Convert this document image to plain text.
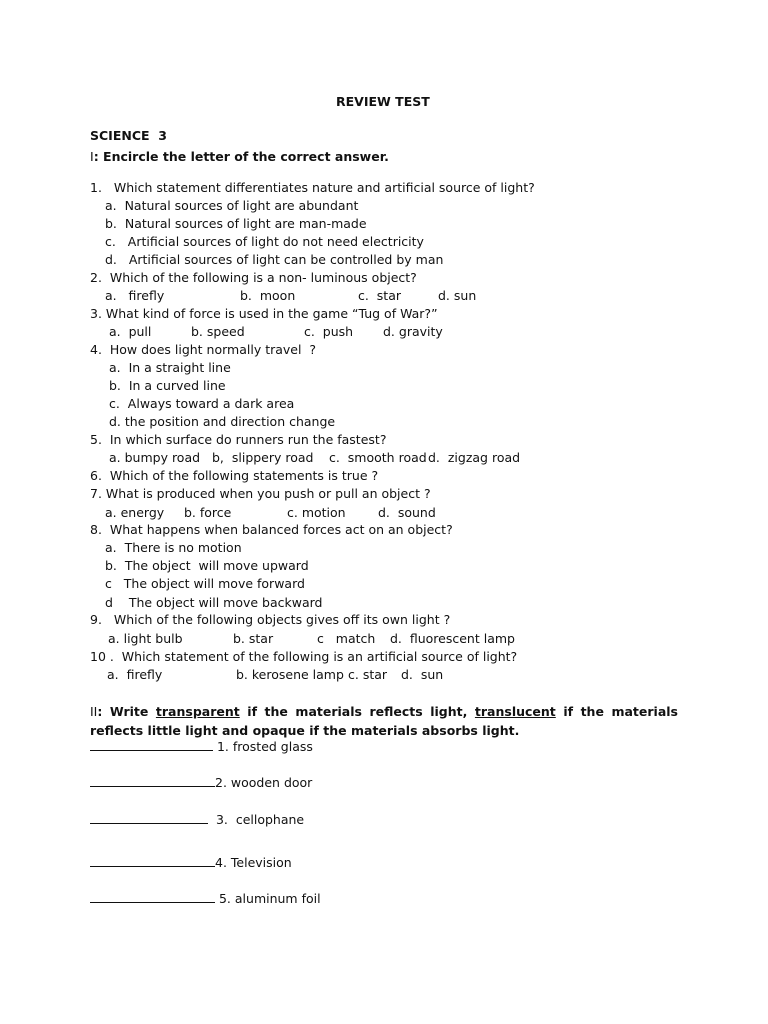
REVIEW TEST
SCIENCE  3
I: Encircle the letter of the correct answer.
1.   Which statement differentiates nature and artificial source of light?
a.  Natural sources of light are abundant
b.  Natural sources of light are man-made
c.   Artificial sources of light do not need electricity
d.   Artificial sources of light can be controlled by man
2.  Which of the following is a non- luminous object?
a.   firefly	b.  moon	c.  star	d. sun
3. What kind of force is used in the game “Tug of War?”
a.  pull	b. speed	c.  push d. gravity
4.  How does light normally travel  ?
a.  In a straight line
b.  In a curved line
c.  Always toward a dark area
d. the position and direction change
5.  In which surface do runners run the fastest?
a. bumpy road b,  slippery road c.  smooth road d.  zigzag road
6.  Which of the following statements is true ?
7. What is produced when you push or pull an object ?
a. energy b. force	c. motion	d.  sound
8.  What happens when balanced forces act on an object?
a.  There is no motion
b.  The object  will move upward
c   The object will move forward
d    The object will move backward
9.   Which of the following objects gives off its own light ?
a. light bulb	b. star	c   match d.  fluorescent lamp
10 .  Which statement of the following is an artificial source of light?
a.  firefly	b. kerosene lamp c. star d.  sun
II: Write transparent if the materials reflects light, translucent if the materials reflects little light and opaque if the materials absorbs light.
1. frosted glass
2. wooden door
3.  cellophane
4. Television
5. aluminum foil
